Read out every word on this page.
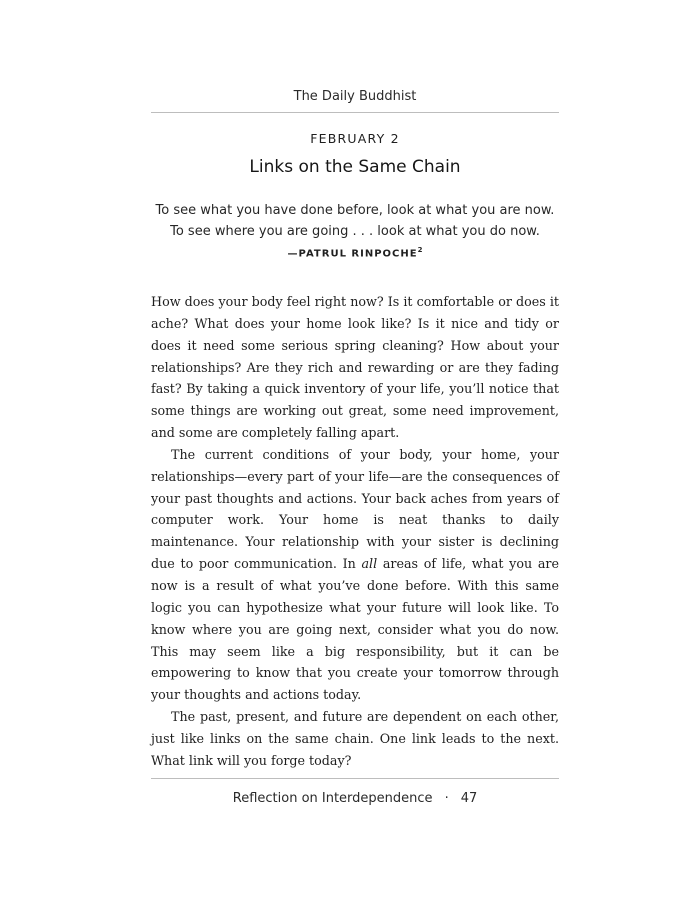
The Daily Buddhist
FEBRUARY 2
Links on the Same Chain
To see what you have done before, look at what you are now.
To see where you are going . . . look at what you do now.
—PATRUL RINPOCHE$^2$

How does your body feel right now? Is it comfortable or does it ache? What does your home look like? Is it nice and tidy or does it need some serious spring cleaning? How about your relationships? Are they rich and rewarding or are they fading fast? By taking a quick inventory of your life, you’ll notice that some things are working out great, some need improvement, and some are completely falling apart.

The current conditions of your body, your home, your relationships—every part of your life—are the consequences of your past thoughts and actions. Your back aches from years of computer work. Your home is neat thanks to daily maintenance. Your relationship with your sister is declining due to poor communication. In all areas of life, what you are now is a result of what you’ve done before. With this same logic you can hypothesize what your future will look like. To know where you are going next, consider what you do now. This may seem like a big responsibility, but it can be empowering to know that you create your tomorrow through your thoughts and actions today.

The past, present, and future are dependent on each other, just like links on the same chain. One link leads to the next. What link will you forge today?

Reflection on Interdependence · 47
